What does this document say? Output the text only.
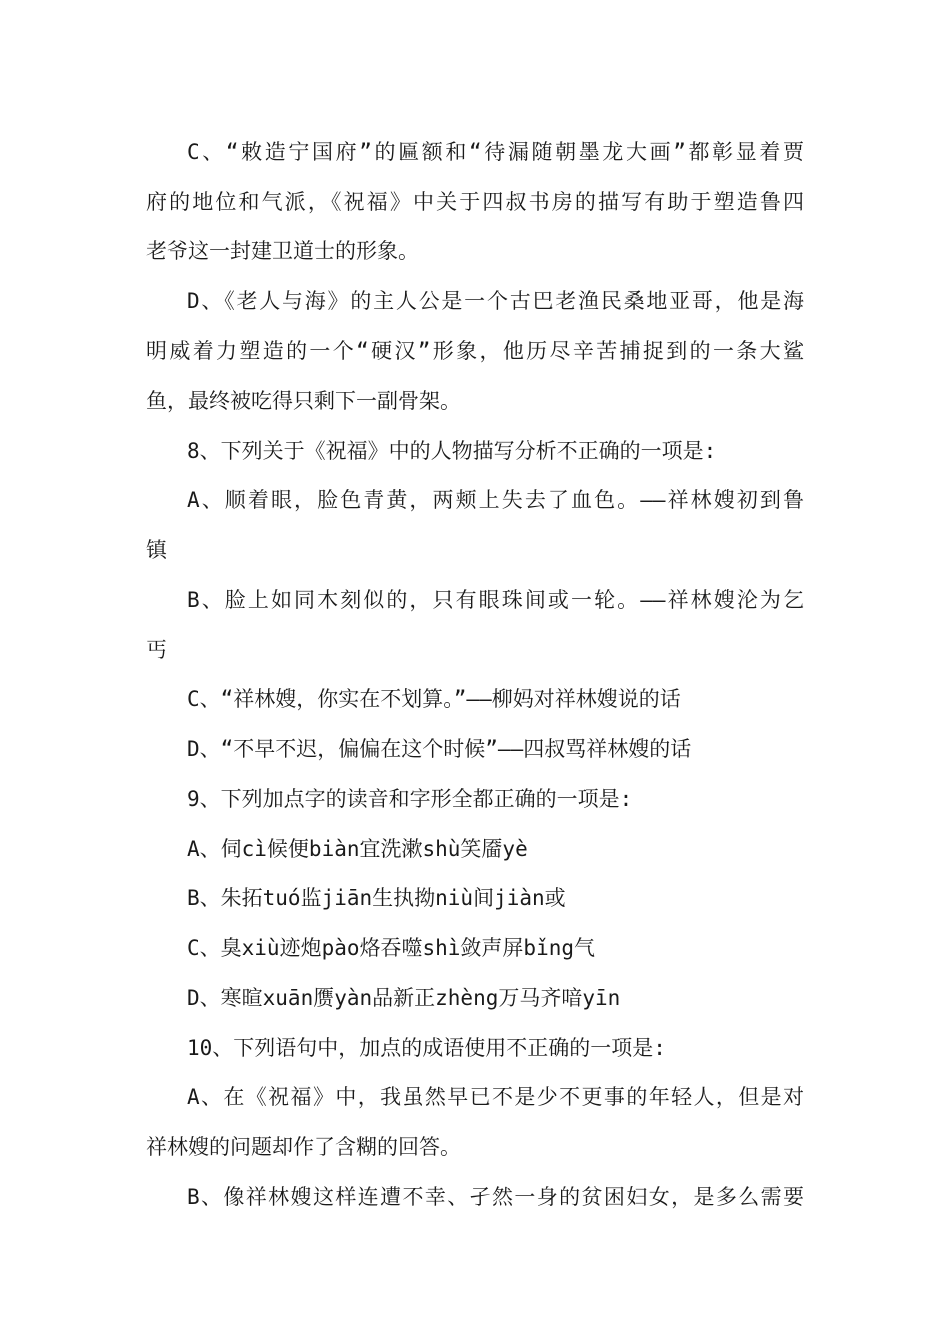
C、“敕造宁国府”的匾额和“待漏随朝墨龙大画”都彰显着贾
府的地位和气派，《祝福》中关于四叔书房的描写有助于塑造鲁四
老爷这一封建卫道士的形象。
D、《老人与海》的主人公是一个古巴老渔民桑地亚哥，他是海
明威着力塑造的一个“硬汉”形象，他历尽辛苦捕捉到的一条大鲨
鱼，最终被吃得只剩下一副骨架。
8、下列关于《祝福》中的人物描写分析不正确的一项是:
A、顺着眼，脸色青黄，两颊上失去了血色。——祥林嫂初到鲁
镇
B、脸上如同木刻似的，只有眼珠间或一轮。——祥林嫂沦为乞
丐
C、“祥林嫂，你实在不划算。”——柳妈对祥林嫂说的话
D、“不早不迟，偏偏在这个时候”——四叔骂祥林嫂的话
9、下列加点字的读音和字形全都正确的一项是:
A、伺cì候便biàn宜洗漱shù笑靥yè
B、朱拓tuó监jiān生执拗niù间jiàn或
C、臭xiù迹炮pào烙吞噬shì敛声屏bǐng气
D、寒暄xuān赝yàn品新正zhèng万马齐喑yīn
10、下列语句中，加点的成语使用不正确的一项是:
A、在《祝福》中，我虽然早已不是少不更事的年轻人，但是对
祥林嫂的问题却作了含糊的回答。
B、像祥林嫂这样连遭不幸、孑然一身的贫困妇女，是多么需要
